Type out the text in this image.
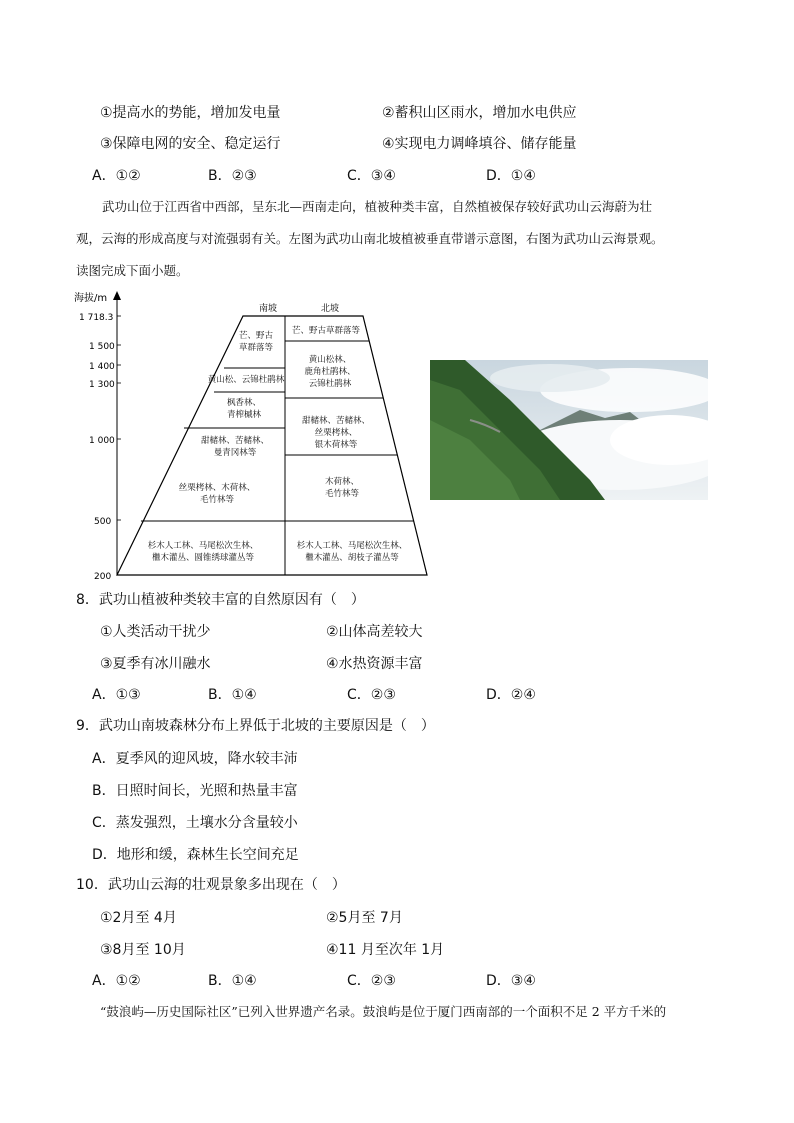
①提高水的势能，增加发电量	②蓄积山区雨水，增加水电供应
③保障电网的安全、稳定运行	④实现电力调峰填谷、储存能量
A．①②	B．②③	C．③④	D．①④
武功山位于江西省中西部，呈东北—西南走向，植被种类丰富，自然植被保存较好武功山云海蔚为壮
观，云海的形成高度与对流强弱有关。左图为武功山南北坡植被垂直带谱示意图，右图为武功山云海景观。
读图完成下面小题。
海拔/m
1 718.3
1 500
1 400
1 300
1 000
500
200
南坡	北坡
芒、野古
草群落等
黄山松、云锦杜鹃林
枫香林、
青榨槭林
甜槠林、苦槠林、
曼青冈林等
丝栗栲林、木荷林、
毛竹林等
杉木人工林、马尾松次生林、
檵木灌丛、圆锥绣球灌丛等
芒、野古草群落等
黄山松林、
鹿角杜鹃林、
云锦杜鹃林
甜槠林、苦槠林、
丝栗栲林、
银木荷林等
木荷林、
毛竹林等
杉木人工林、马尾松次生林、
檵木灌丛、胡枝子灌丛等
8．武功山植被种类较丰富的自然原因有（　）
①人类活动干扰少	②山体高差较大
③夏季有冰川融水	④水热资源丰富
A．①③	B．①④	C．②③	D．②④
9．武功山南坡森林分布上界低于北坡的主要原因是（　）
A．夏季风的迎风坡，降水较丰沛
B．日照时间长，光照和热量丰富
C．蒸发强烈，土壤水分含量较小
D．地形和缓，森林生长空间充足
10．武功山云海的壮观景象多出现在（　）
①2月至 4月	②5月至 7月
③8月至 10月	④11 月至次年 1月
A．①②	B．①④	C．②③	D．③④
“鼓浪屿—历史国际社区”已列入世界遗产名录。鼓浪屿是位于厦门西南部的一个面积不足 2 平方千米的
